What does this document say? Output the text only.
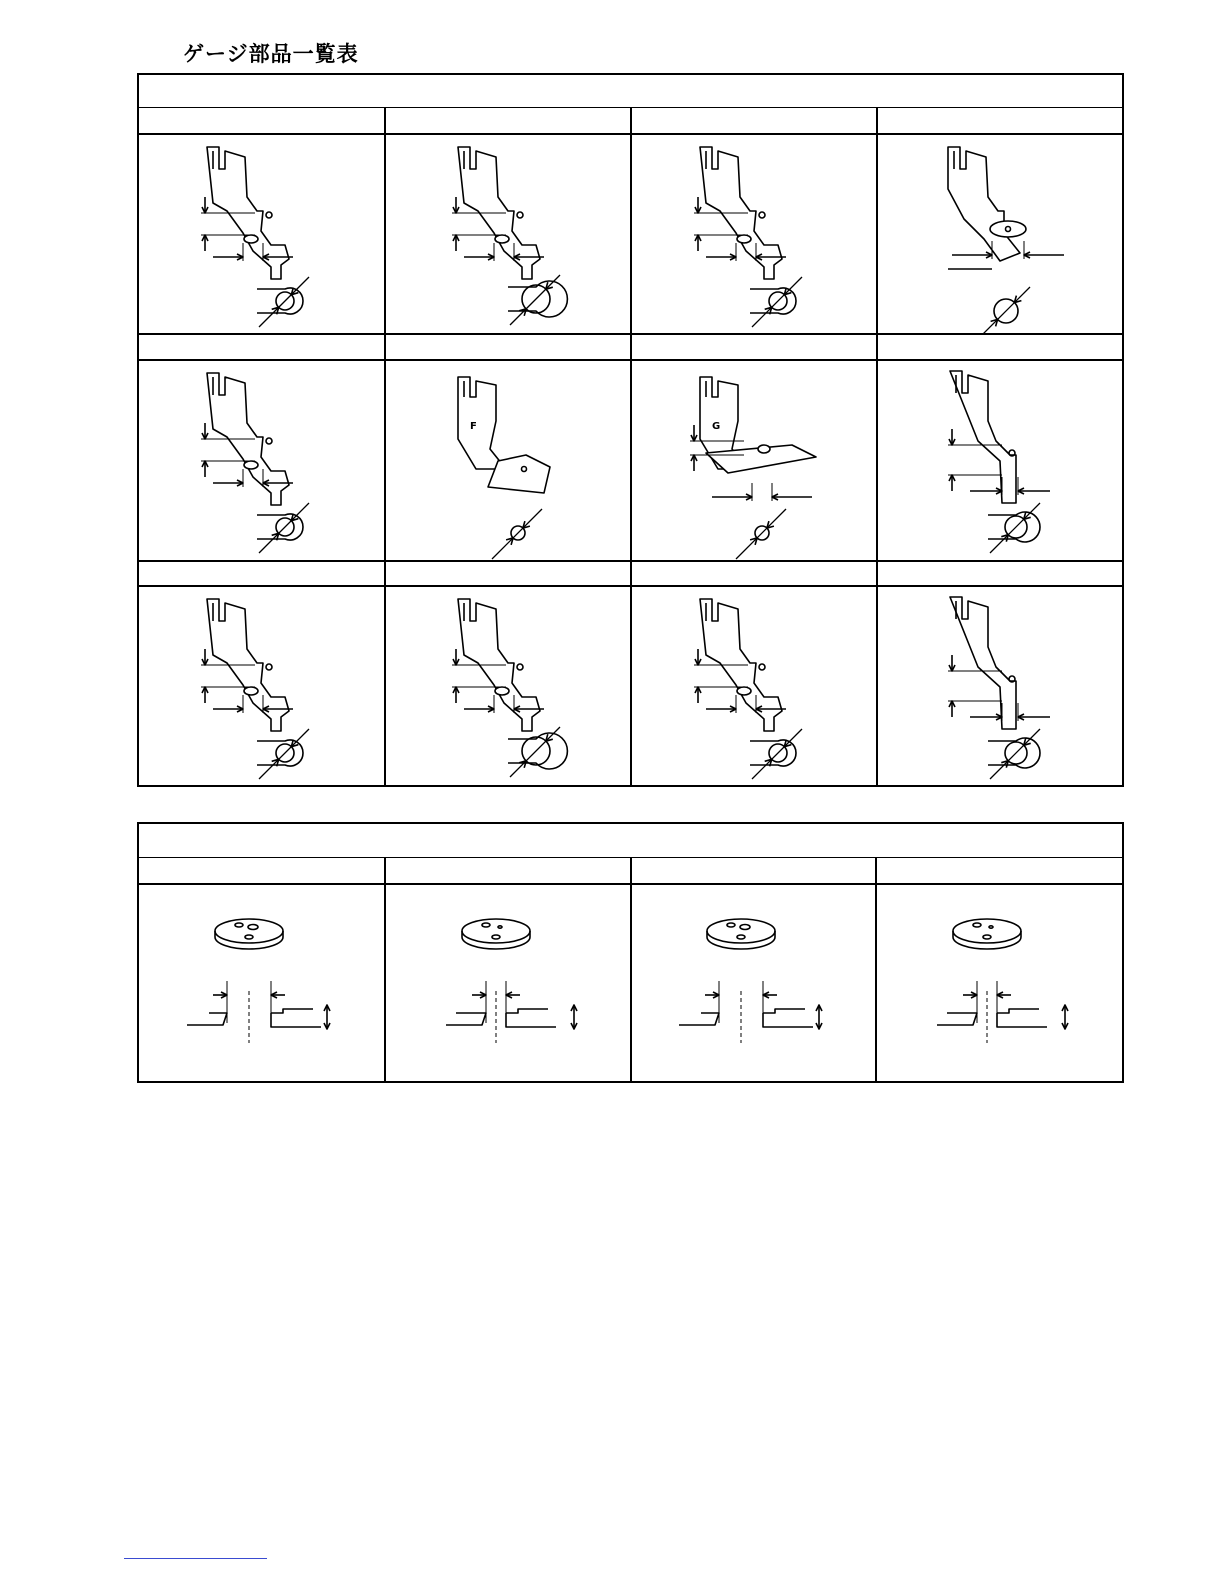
ゲージ部品一覧表
F	G
